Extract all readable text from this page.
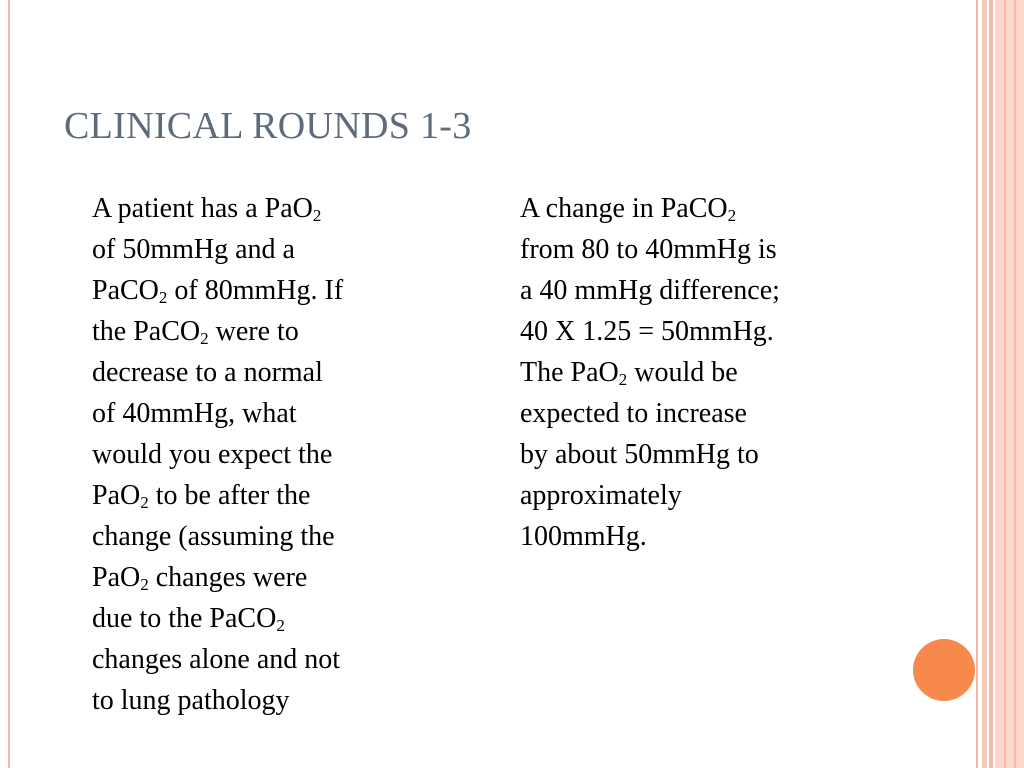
CLINICAL ROUNDS 1-3
A patient has a PaO$_2$
of 50mmHg and a
PaCO$_2$ of 80mmHg. If
the PaCO$_2$ were to
decrease to a normal
of 40mmHg, what
would you expect the
PaO$_2$ to be after the
change (assuming the
PaO$_2$ changes were
due to the PaCO$_2$
changes alone and not
to lung pathology
A change in PaCO$_2$
from 80 to 40mmHg is
a 40 mmHg difference;
40 X 1.25 = 50mmHg.
The PaO$_2$ would be
expected to increase
by about 50mmHg to
approximately
100mmHg.
